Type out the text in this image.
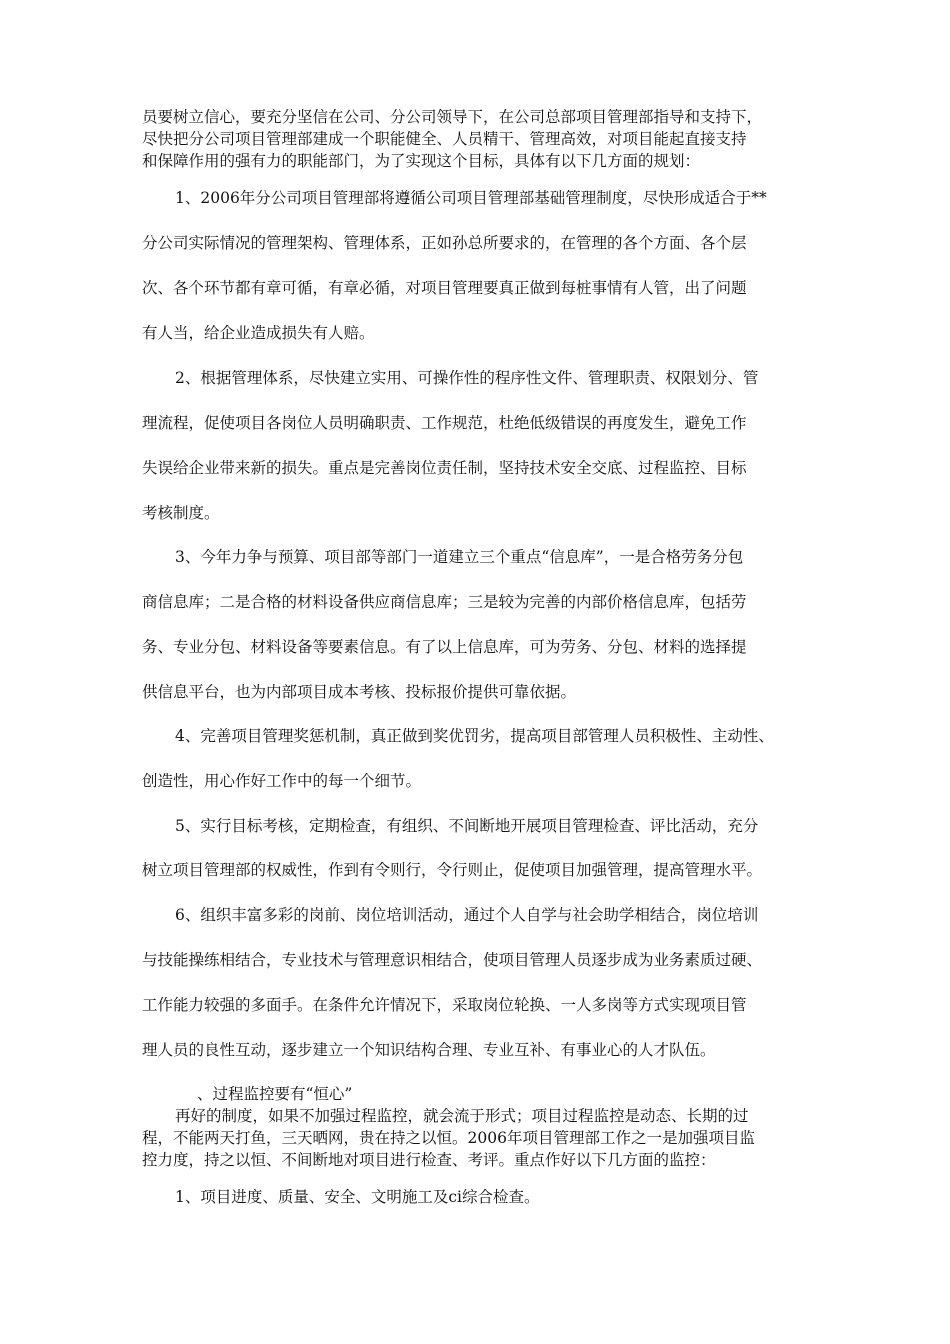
员要树立信心，要充分坚信在公司、分公司领导下，在公司总部项目管理部指导和支持下，
尽快把分公司项目管理部建成一个职能健全、人员精干、管理高效，对项目能起直接支持
和保障作用的强有力的职能部门，为了实现这个目标，具体有以下几方面的规划：
1、2006年分公司项目管理部将遵循公司项目管理部基础管理制度，尽快形成适合于**
分公司实际情况的管理架构、管理体系，正如孙总所要求的，在管理的各个方面、各个层
次、各个环节都有章可循，有章必循，对项目管理要真正做到每桩事情有人管，出了问题
有人当，给企业造成损失有人赔。
2、根据管理体系，尽快建立实用、可操作性的程序性文件、管理职责、权限划分、管
理流程，促使项目各岗位人员明确职责、工作规范，杜绝低级错误的再度发生，避免工作
失误给企业带来新的损失。重点是完善岗位责任制，坚持技术安全交底、过程监控、目标
考核制度。
3、今年力争与预算、项目部等部门一道建立三个重点“信息库”，一是合格劳务分包
商信息库；二是合格的材料设备供应商信息库；三是较为完善的内部价格信息库，包括劳
务、专业分包、材料设备等要素信息。有了以上信息库，可为劳务、分包、材料的选择提
供信息平台，也为内部项目成本考核、投标报价提供可靠依据。
4、完善项目管理奖惩机制，真正做到奖优罚劣，提高项目部管理人员积极性、主动性、
创造性，用心作好工作中的每一个细节。
5、实行目标考核，定期检查，有组织、不间断地开展项目管理检查、评比活动，充分
树立项目管理部的权威性，作到有令则行，令行则止，促使项目加强管理，提高管理水平。
6、组织丰富多彩的岗前、岗位培训活动，通过个人自学与社会助学相结合，岗位培训
与技能操练相结合，专业技术与管理意识相结合，使项目管理人员逐步成为业务素质过硬、
工作能力较强的多面手。在条件允许情况下，采取岗位轮换、一人多岗等方式实现项目管
理人员的良性互动，逐步建立一个知识结构合理、专业互补、有事业心的人才队伍。
、过程监控要有“恒心”
再好的制度，如果不加强过程监控，就会流于形式；项目过程监控是动态、长期的过
程，不能两天打鱼，三天晒网，贵在持之以恒。2006年项目管理部工作之一是加强项目监
控力度，持之以恒、不间断地对项目进行检查、考评。重点作好以下几方面的监控：
1、项目进度、质量、安全、文明施工及ci综合检查。
